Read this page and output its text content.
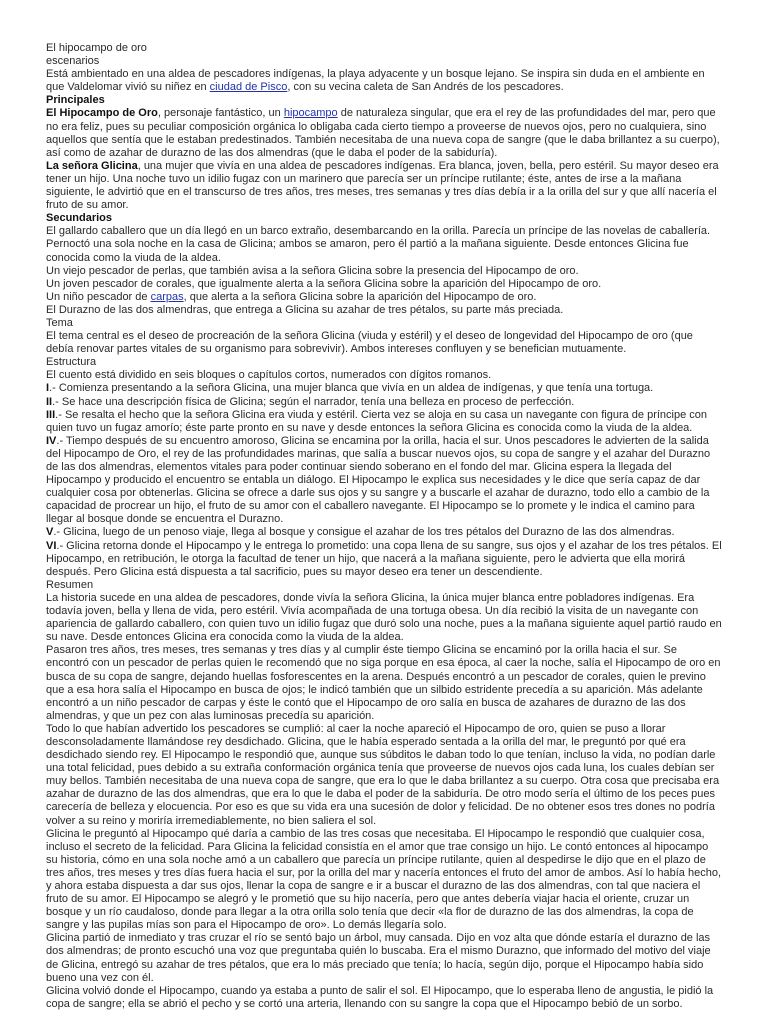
El hipocampo de oro

escenarios

Está ambientado en una aldea de pescadores indígenas, la playa adyacente y un bosque lejano. Se inspira sin duda en el ambiente en que Valdelomar vivió su niñez en ciudad de Pisco, con su vecina caleta de San Andrés de los pescadores.

Principales

El Hipocampo de Oro, personaje fantástico, un hipocampo de naturaleza singular, que era el rey de las profundidades del mar, pero que no era feliz, pues su peculiar composición orgánica lo obligaba cada cierto tiempo a proveerse de nuevos ojos, pero no cualquiera, sino aquellos que sentía que le estaban predestinados. También necesitaba de una nueva copa de sangre (que le daba brillantez a su cuerpo), así como de azahar de durazno de las dos almendras (que le daba el poder de la sabiduría).

La señora Glicina, una mujer que vivía en una aldea de pescadores indígenas. Era blanca, joven, bella, pero estéril. Su mayor deseo era tener un hijo. Una noche tuvo un idilio fugaz con un marinero que parecía ser un príncipe rutilante; éste, antes de irse a la mañana siguiente, le advirtió que en el transcurso de tres años, tres meses, tres semanas y tres días debía ir a la orilla del sur y que allí nacería el fruto de su amor.

Secundarios

El gallardo caballero que un día llegó en un barco extraño, desembarcando en la orilla. Parecía un príncipe de las novelas de caballería. Pernoctó una sola noche en la casa de Glicina; ambos se amaron, pero él partió a la mañana siguiente. Desde entonces Glicina fue conocida como la viuda de la aldea.

Un viejo pescador de perlas, que también avisa a la señora Glicina sobre la presencia del Hipocampo de oro.

Un joven pescador de corales, que igualmente alerta a la señora Glicina sobre la aparición del Hipocampo de oro.

Un niño pescador de carpas, que alerta a la señora Glicina sobre la aparición del Hipocampo de oro.

El Durazno de las dos almendras, que entrega a Glicina su azahar de tres pétalos, su parte más preciada.

Tema

El tema central es el deseo de procreación de la señora Glicina (viuda y estéril) y el deseo de longevidad del Hipocampo de oro (que debía renovar partes vitales de su organismo para sobrevivir). Ambos intereses confluyen y se benefician mutuamente.

Estructura

El cuento está dividido en seis bloques o capítulos cortos, numerados con dígitos romanos.

I.- Comienza presentando a la señora Glicina, una mujer blanca que vivía en un aldea de indígenas, y que tenía una tortuga.

II.- Se hace una descripción física de Glicina; según el narrador, tenía una belleza en proceso de perfección.

III.- Se resalta el hecho que la señora Glicina era viuda y estéril. Cierta vez se aloja en su casa un navegante con figura de príncipe con quien tuvo un fugaz amorío; éste parte pronto en su nave y desde entonces la señora Glicina es conocida como la viuda de la aldea.

IV.- Tiempo después de su encuentro amoroso, Glicina se encamina por la orilla, hacia el sur. Unos pescadores le advierten de la salida del Hipocampo de Oro, el rey de las profundidades marinas, que salía a buscar nuevos ojos, su copa de sangre y el azahar del Durazno de las dos almendras, elementos vitales para poder continuar siendo soberano en el fondo del mar. Glicina espera la llegada del Hipocampo y producido el encuentro se entabla un diálogo. El Hipocampo le explica sus necesidades y le dice que sería capaz de dar cualquier cosa por obtenerlas. Glicina se ofrece a darle sus ojos y su sangre y a buscarle el azahar de durazno, todo ello a cambio de la capacidad de procrear un hijo, el fruto de su amor con el caballero navegante. El Hipocampo se lo promete y le indica el camino para llegar al bosque donde se encuentra el Durazno.

V.- Glicina, luego de un penoso viaje, llega al bosque y consigue el azahar de los tres pétalos del Durazno de las dos almendras.

VI.- Glicina retorna donde el Hipocampo y le entrega lo prometido: una copa llena de su sangre, sus ojos y el azahar de los tres pétalos. El Hipocampo, en retribución, le otorga la facultad de tener un hijo, que nacerá a la mañana siguiente, pero le advierta que ella morirá después. Pero Glicina está dispuesta a tal sacrificio, pues su mayor deseo era tener un descendiente.

Resumen

La historia sucede en una aldea de pescadores, donde vivía la señora Glicina, la única mujer blanca entre pobladores indígenas. Era todavía joven, bella y llena de vida, pero estéril. Vivía acompañada de una tortuga obesa. Un día recibió la visita de un navegante con apariencia de gallardo caballero, con quien tuvo un idilio fugaz que duró solo una noche, pues a la mañana siguiente aquel partió raudo en su nave. Desde entonces Glicina era conocida como la viuda de la aldea.

Pasaron tres años, tres meses, tres semanas y tres días y al cumplir éste tiempo Glicina se encaminó por la orilla hacia el sur. Se encontró con un pescador de perlas quien le recomendó que no siga porque en esa época, al caer la noche, salía el Hipocampo de oro en busca de su copa de sangre, dejando huellas fosforescentes en la arena. Después encontró a un pescador de corales, quien le previno que a esa hora salía el Hipocampo en busca de ojos; le indicó también que un silbido estridente precedía a su aparición. Más adelante encontró a un niño pescador de carpas y éste le contó que el Hipocampo de oro salía en busca de azahares de durazno de las dos almendras, y que un pez con alas luminosas precedía su aparición.

Todo lo que habían advertido los pescadores se cumplió: al caer la noche apareció el Hipocampo de oro, quien se puso a llorar desconsoladamente llamándose rey desdichado. Glicina, que le había esperado sentada a la orilla del mar, le preguntó por qué era desdichado siendo rey. El Hipocampo le respondió que, aunque sus súbditos le daban todo lo que tenían, incluso la vida, no podían darle una total felicidad, pues debido a su extraña conformación orgánica tenía que proveerse de nuevos ojos cada luna, los cuales debían ser muy bellos. También necesitaba de una nueva copa de sangre, que era lo que le daba brillantez a su cuerpo. Otra cosa que precisaba era azahar de durazno de las dos almendras, que era lo que le daba el poder de la sabiduría. De otro modo sería el último de los peces pues carecería de belleza y elocuencia. Por eso es que su vida era una sucesión de dolor y felicidad. De no obtener esos tres dones no podría volver a su reino y moriría irremediablemente, no bien saliera el sol.

Glicina le preguntó al Hipocampo qué daría a cambio de las tres cosas que necesitaba. El Hipocampo le respondió que cualquier cosa, incluso el secreto de la felicidad. Para Glicina la felicidad consistía en el amor que trae consigo un hijo. Le contó entonces al hipocampo su historia, cómo en una sola noche amó a un caballero que parecía un príncipe rutilante, quien al despedirse le dijo que en el plazo de tres años, tres meses y tres días fuera hacia el sur, por la orilla del mar y nacería entonces el fruto del amor de ambos. Así lo había hecho, y ahora estaba dispuesta a dar sus ojos, llenar la copa de sangre e ir a buscar el durazno de las dos almendras, con tal que naciera el fruto de su amor. El Hipocampo se alegró y le prometió que su hijo nacería, pero que antes debería viajar hacia el oriente, cruzar un bosque y un río caudaloso, donde para llegar a la otra orilla solo tenía que decir «la flor de durazno de las dos almendras, la copa de sangre y las pupilas mías son para el Hipocampo de oro». Lo demás llegaría solo.

Glicina partió de inmediato y tras cruzar el río se sentó bajo un árbol, muy cansada. Dijo en voz alta que dónde estaría el durazno de las dos almendras; de pronto escuchó una voz que preguntaba quién lo buscaba. Era el mismo Durazno, que informado del motivo del viaje de Glicina, entregó su azahar de tres pétalos, que era lo más preciado que tenía; lo hacía, según dijo, porque el Hipocampo había sido bueno una vez con él.

Glicina volvió donde el Hipocampo, cuando ya estaba a punto de salir el sol. El Hipocampo, que lo esperaba lleno de angustia, le pidió la copa de sangre; ella se abrió el pecho y se cortó una arteria, llenando con su sangre la copa que el Hipocampo bebió de un sorbo.
